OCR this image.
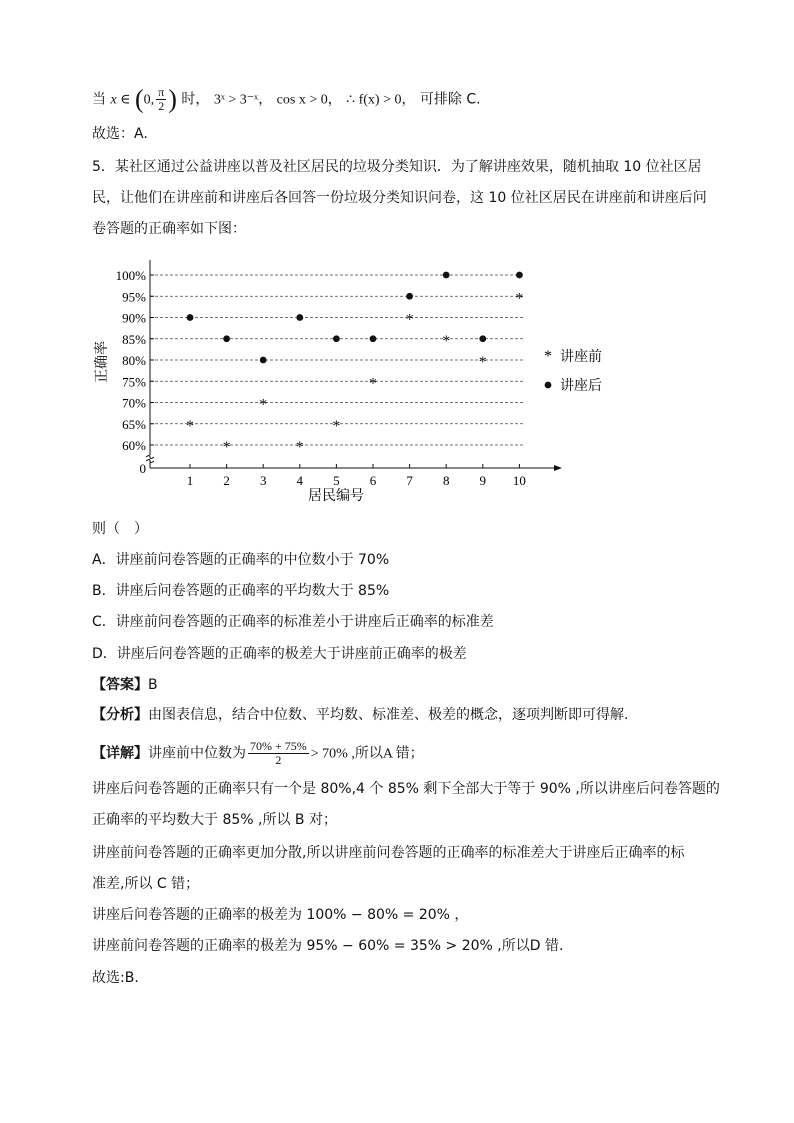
当 x ∈ (0, $\frac{\pi}{2}$ ) 时， 3ˣ > 3⁻ˣ， cos x > 0， ∴ f(x) > 0， 可排除 C.
故选：A.
5．某社区通过公益讲座以普及社区居民的垃圾分类知识．为了解讲座效果，随机抽取 10 位社区居
民，让他们在讲座前和讲座后各回答一份垃圾分类知识问卷，这 10 位社区居民在讲座前和讲座后问
卷答题的正确率如下图：
0
60%
65%
70%
75%
80%
85%
90%
95%
100%
1 2 3 4 5 6 7 8 9 10
*
*
*
*
*
*
*
*
*
*
* 讲座前
讲座后
正确率
居民编号
则（　）
A．讲座前问卷答题的正确率的中位数小于 70%
B．讲座后问卷答题的正确率的平均数大于 85%
C．讲座前问卷答题的正确率的标准差小于讲座后正确率的标准差
D．讲座后问卷答题的正确率的极差大于讲座前正确率的极差
【答案】B
【分析】由图表信息，结合中位数、平均数、标准差、极差的概念，逐项判断即可得解.
【详解】讲座前中位数为 $\frac{70\% + 75\%}{2} > 70\%$ ,所以A 错；
讲座后问卷答题的正确率只有一个是 80%,4 个 85% 剩下全部大于等于 90% ,所以讲座后问卷答题的
正确率的平均数大于 85% ,所以 B 对；
讲座前问卷答题的正确率更加分散,所以讲座前问卷答题的正确率的标准差大于讲座后正确率的标
准差,所以 C 错；
讲座后问卷答题的正确率的极差为 100% − 80% = 20% ，
讲座前问卷答题的正确率的极差为 95% − 60% = 35% > 20% ,所以D 错.
故选:B.
